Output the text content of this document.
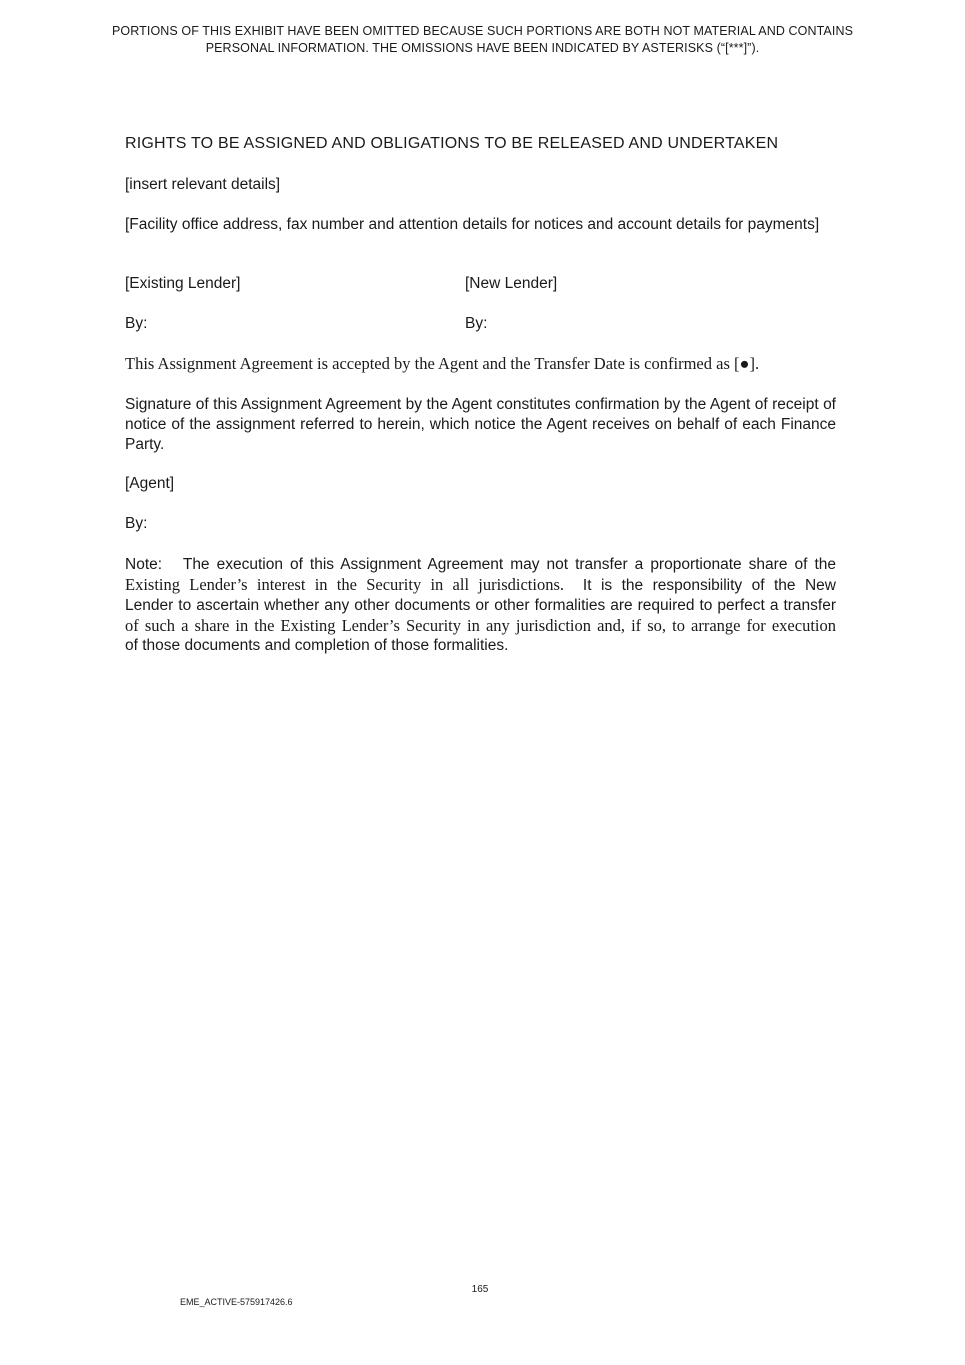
PORTIONS OF THIS EXHIBIT HAVE BEEN OMITTED BECAUSE SUCH PORTIONS ARE BOTH NOT MATERIAL AND CONTAINS PERSONAL INFORMATION. THE OMISSIONS HAVE BEEN INDICATED BY ASTERISKS (“[***]”).
RIGHTS TO BE ASSIGNED AND OBLIGATIONS TO BE RELEASED AND UNDERTAKEN
[insert relevant details]
[Facility office address, fax number and attention details for notices and account details for payments]
[Existing Lender]	[New Lender]
By:	By:
This Assignment Agreement is accepted by the Agent and the Transfer Date is confirmed as [●].
Signature of this Assignment Agreement by the Agent constitutes confirmation by the Agent of receipt of notice of the assignment referred to herein, which notice the Agent receives on behalf of each Finance Party.
[Agent]
By:
Note:   The execution of this Assignment Agreement may not transfer a proportionate share of the
Existing Lender’s interest in the Security in all jurisdictions.  It is the responsibility of the New
Lender to ascertain whether any other documents or other formalities are required to perfect a transfer
of such a share in the Existing Lender’s Security in any jurisdiction and, if so, to arrange for execution
of those documents and completion of those formalities.
165
EME_ACTIVE-575917426.6
